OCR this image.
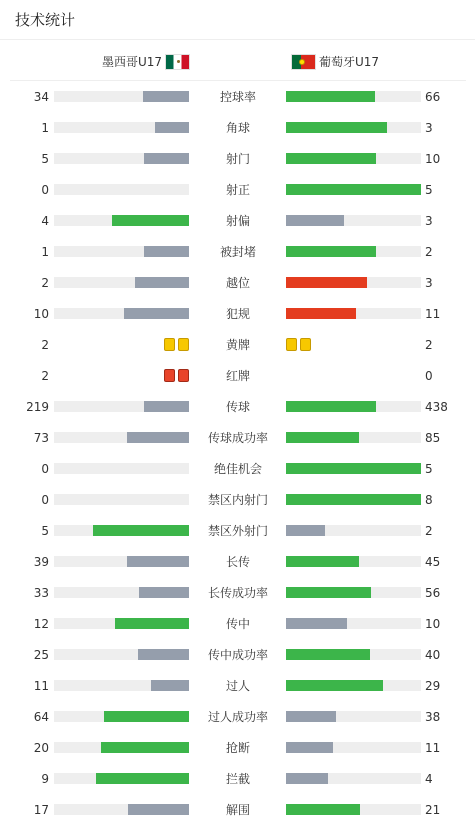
技术统计
墨西哥U17	葡萄牙U17
34	控球率	66
1	角球	3
5	射门	10
0	射正	5
4	射偏	3
1	被封堵	2
2	越位	3
10	犯规	11
2	黄牌	2
2	红牌	0
219	传球	438
73	传球成功率	85
0	绝佳机会	5
0	禁区内射门	8
5	禁区外射门	2
39	长传	45
33	长传成功率	56
12	传中	10
25	传中成功率	40
11	过人	29
64	过人成功率	38
20	抢断	11
9	拦截	4
17	解围	21
